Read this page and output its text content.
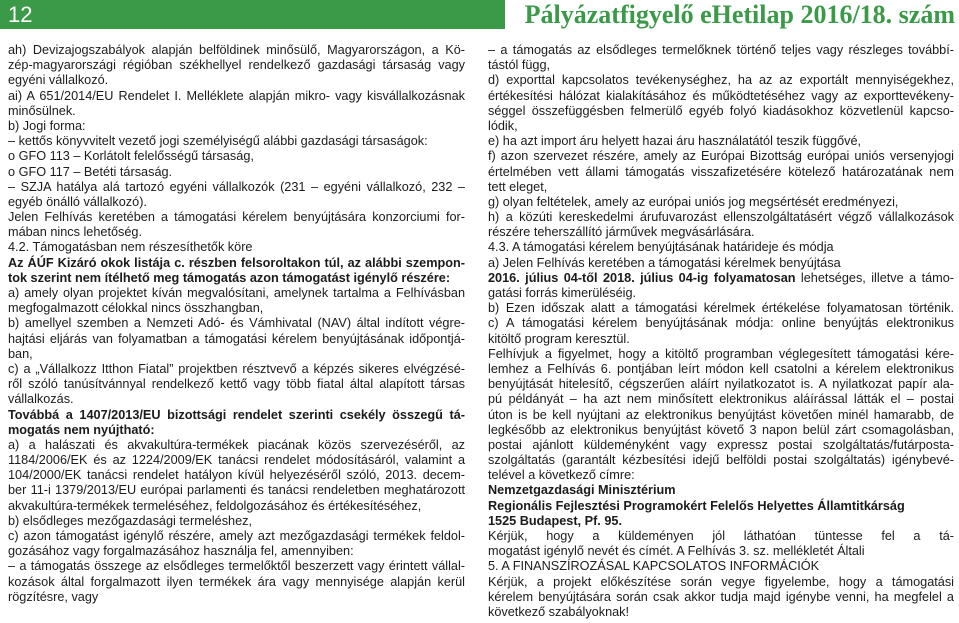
12	Pályázatfigyelő eHetilap 2016/18. szám
ah) Devizajogszabályok alapján belföldinek minősülő, Magyarországon, a Kö-
zép-magyarországi régióban székhellyel rendelkező gazdasági társaság vagy
egyéni vállalkozó.
ai) A 651/2014/EU Rendelet I. Melléklete alapján mikro- vagy kisvállalkozásnak
minősülnek.
b) Jogi forma:
– kettős könyvvitelt vezető jogi személyiségű alábbi gazdasági társaságok:
o GFO 113 – Korlátolt felelősségű társaság,
o GFO 117 – Betéti társaság.
– SZJA hatálya alá tartozó egyéni vállalkozók (231 – egyéni vállalkozó, 232 –
egyéb önálló vállalkozó).
Jelen Felhívás keretében a támogatási kérelem benyújtására konzorciumi for-
mában nincs lehetőség.
4.2. Támogatásban nem részesíthetők köre
Az ÁÚF Kizáró okok listája c. részben felsoroltakon túl, az alábbi szempon-
tok szerint nem ítélhető meg támogatás azon támogatást igénylő részére:
a) amely olyan projektet kíván megvalósítani, amelynek tartalma a Felhívásban
megfogalmazott célokkal nincs összhangban,
b) amellyel szemben a Nemzeti Adó- és Vámhivatal (NAV) által indított végre-
hajtási eljárás van folyamatban a támogatási kérelem benyújtásának időpontjá-
ban,
c) a „Vállalkozz Itthon Fiatal” projektben résztvevő a képzés sikeres elvégzésé-
ről szóló tanúsítvánnyal rendelkező kettő vagy több fiatal által alapított társas
vállalkozás.
Továbbá a 1407/2013/EU bizottsági rendelet szerinti csekély összegű tá-
mogatás nem nyújtható:
a) a halászati és akvakultúra-termékek piacának közös szervezéséről, az
1184/2006/EK és az 1224/2009/EK tanácsi rendelet módosításáról, valamint a
104/2000/EK tanácsi rendelet hatályon kívül helyezéséről szóló, 2013. decem-
ber 11-i 1379/2013/EU európai parlamenti és tanácsi rendeletben meghatározott
akvakultúra-termékek termeléséhez, feldolgozásához és értékesítéséhez,
b) elsődleges mezőgazdasági termeléshez,
c) azon támogatást igénylő részére, amely azt mezőgazdasági termékek feldol-
gozásához vagy forgalmazásához használja fel, amennyiben:
– a támogatás összege az elsődleges termelőktől beszerzett vagy érintett vállal-
kozások által forgalmazott ilyen termékek ára vagy mennyisége alapján kerül
rögzítésre, vagy
– a támogatás az elsődleges termelőknek történő teljes vagy részleges továbbí-
tástól függ,
d) exporttal kapcsolatos tevékenységhez, ha az az exportált mennyiségekhez,
értékesítési hálózat kialakításához és működtetéséhez vagy az exporttevékeny-
séggel összefüggésben felmerülő egyéb folyó kiadásokhoz közvetlenül kapcso-
lódik,
e) ha azt import áru helyett hazai áru használatától teszik függővé,
f) azon szervezet részére, amely az Európai Bizottság európai uniós versenyjogi
értelmében vett állami támogatás visszafizetésére kötelező határozatának nem
tett eleget,
g) olyan feltételek, amely az európai uniós jog megsértését eredményezi,
h) a közúti kereskedelmi árufuvarozást ellenszolgáltatásért végző vállalkozások
részére teherszállító járművek megvásárlására.
4.3. A támogatási kérelem benyújtásának határideje és módja
a) Jelen Felhívás keretében a támogatási kérelmek benyújtása
2016. július 04-től 2018. július 04-ig folyamatosan lehetséges, illetve a támo-
gatási forrás kimerüléséig.
b) Ezen időszak alatt a támogatási kérelmek értékelése folyamatosan történik.
c) A támogatási kérelem benyújtásának módja: online benyújtás elektronikus
kitöltő program keresztül.
Felhívjuk a figyelmet, hogy a kitöltő programban véglegesített támogatási kére-
lemhez a Felhívás 6. pontjában leírt módon kell csatolni a kérelem elektronikus
benyújtását hitelesítő, cégszerűen aláírt nyilatkozatot is. A nyilatkozat papír ala-
pú példányát – ha azt nem minősített elektronikus aláírással látták el – postai
úton is be kell nyújtani az elektronikus benyújtást követően minél hamarabb, de
legkésőbb az elektronikus benyújtást követő 3 napon belül zárt csomagolásban,
postai ajánlott küldeményként vagy expressz postai szolgáltatás/futárposta-
szolgáltatás (garantált kézbesítési idejű belföldi postai szolgáltatás) igénybevé-
telével a következő címre:
Nemzetgazdasági Minisztérium
Regionális Fejlesztési Programokért Felelős Helyettes Államtitkárság
1525 Budapest, Pf. 95.
Kérjük, hogy a küldeményen jól láthatóan tüntesse fel a tá-
mogatást igénylő nevét és címét. A Felhívás 3. sz. mellékletét Általi
5. A FINANSZÍROZÁSAL KAPCSOLATOS INFORMÁCIÓK
Kérjük, a projekt előkészítése során vegye figyelembe, hogy a támogatási
kérelem benyújtására során csak akkor tudja majd igénybe venni, ha megfelel a
következő szabályoknak!
